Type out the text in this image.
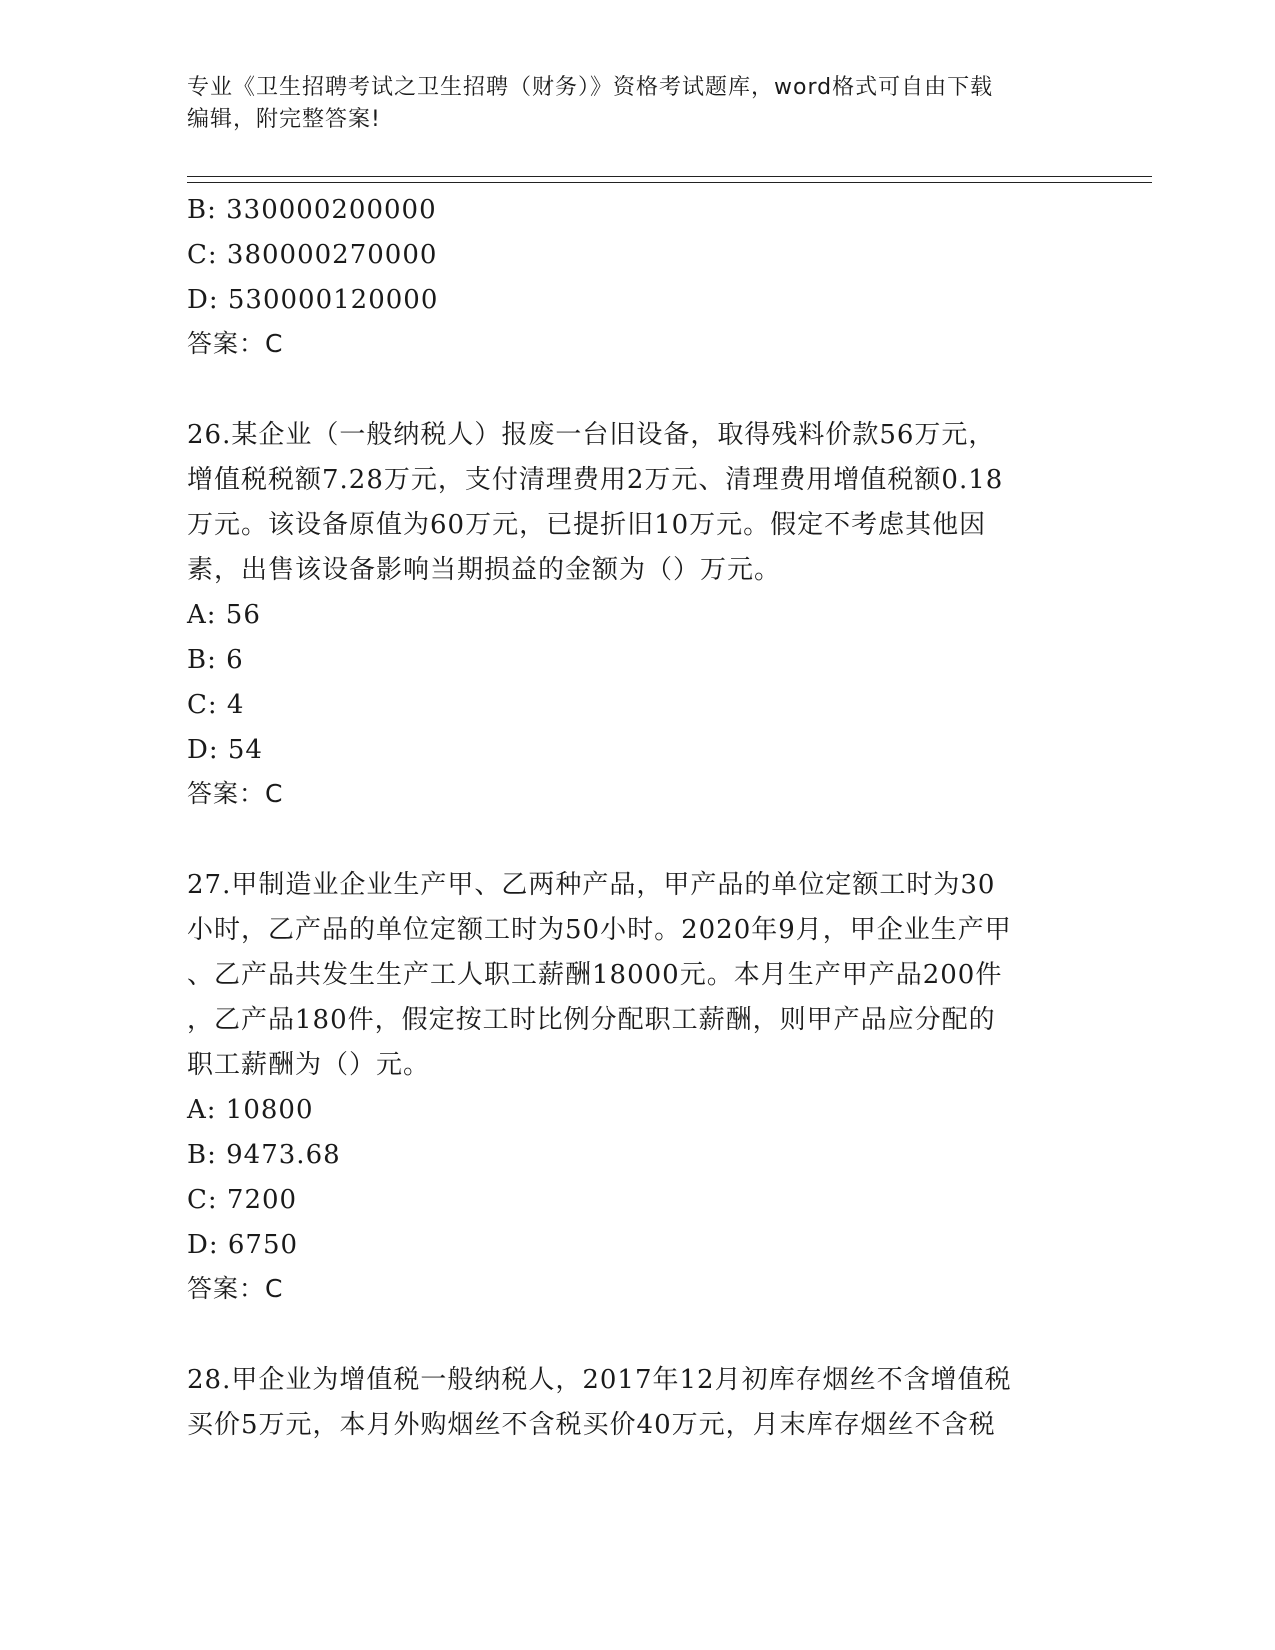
专业《卫生招聘考试之卫生招聘（财务）》资格考试题库，word格式可自由下载
编辑，附完整答案!
B: 330000200000
C: 380000270000
D: 530000120000
答案：C
26.某企业（一般纳税人）报废一台旧设备，取得残料价款56万元，
增值税税额7.28万元，支付清理费用2万元、清理费用增值税额0.18
万元。该设备原值为60万元，已提折旧10万元。假定不考虑其他因
素，出售该设备影响当期损益的金额为（）万元。
A: 56
B: 6
C: 4
D: 54
答案：C
27.甲制造业企业生产甲、乙两种产品，甲产品的单位定额工时为30
小时，乙产品的单位定额工时为50小时。2020年9月，甲企业生产甲
、乙产品共发生生产工人职工薪酬18000元。本月生产甲产品200件
，乙产品180件，假定按工时比例分配职工薪酬，则甲产品应分配的
职工薪酬为（）元。
A: 10800
B: 9473.68
C: 7200
D: 6750
答案：C
28.甲企业为增值税一般纳税人，2017年12月初库存烟丝不含增值税
买价5万元，本月外购烟丝不含税买价40万元，月末库存烟丝不含税
